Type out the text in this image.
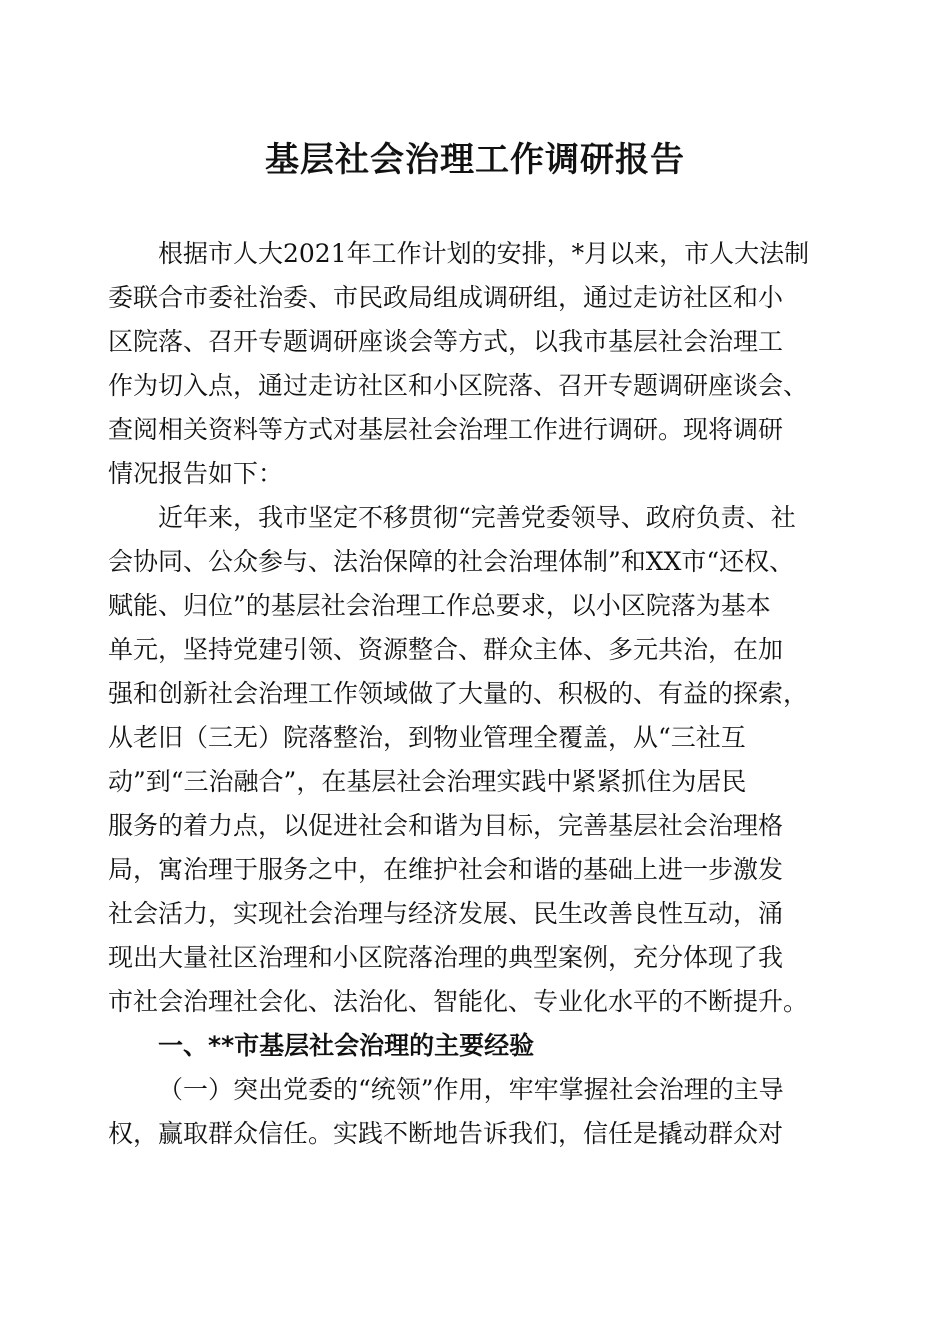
基层社会治理工作调研报告

根据市人大2021年工作计划的安排，*月以来，市人大法制

委联合市委社治委、市民政局组成调研组，通过走访社区和小

区院落、召开专题调研座谈会等方式，以我市基层社会治理工

作为切入点，通过走访社区和小区院落、召开专题调研座谈会、

查阅相关资料等方式对基层社会治理工作进行调研。现将调研

情况报告如下：

近年来，我市坚定不移贯彻“完善党委领导、政府负责、社

会协同、公众参与、法治保障的社会治理体制”和XX市“还权、

赋能、归位”的基层社会治理工作总要求，以小区院落为基本

单元，坚持党建引领、资源整合、群众主体、多元共治，在加

强和创新社会治理工作领域做了大量的、积极的、有益的探索，

从老旧（三无）院落整治，到物业管理全覆盖，从“三社互

动”到“三治融合”，在基层社会治理实践中紧紧抓住为居民

服务的着力点，以促进社会和谐为目标，完善基层社会治理格

局，寓治理于服务之中，在维护社会和谐的基础上进一步激发

社会活力，实现社会治理与经济发展、民生改善良性互动，涌

现出大量社区治理和小区院落治理的典型案例，充分体现了我

市社会治理社会化、法治化、智能化、专业化水平的不断提升。

一、**市基层社会治理的主要经验

（一）突出党委的“统领”作用，牢牢掌握社会治理的主导

权，赢取群众信任。实践不断地告诉我们，信任是撬动群众对
